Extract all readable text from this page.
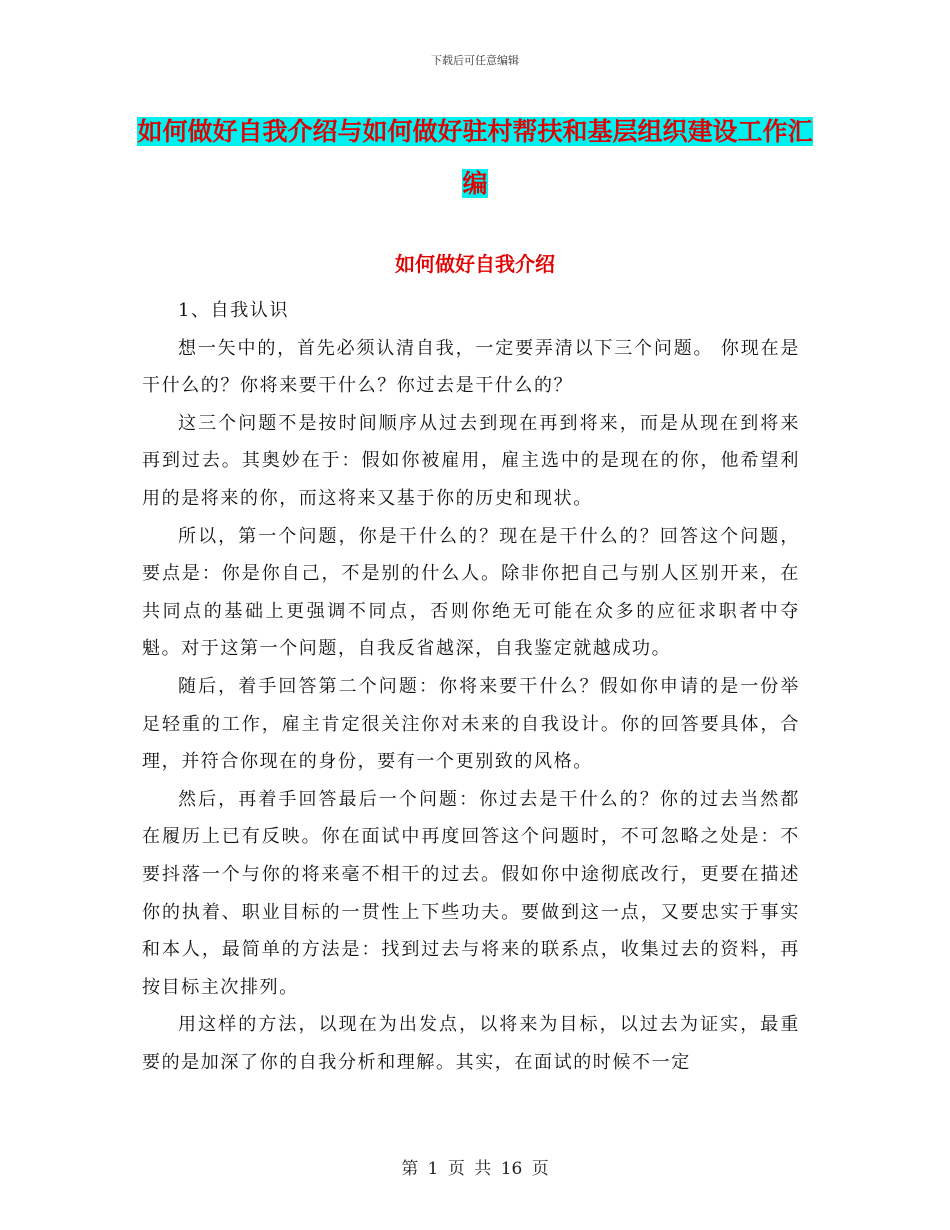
下载后可任意编辑
如何做好自我介绍与如何做好驻村帮扶和基层组织建设工作汇编
如何做好自我介绍

1、自我认识

想一矢中的，首先必须认清自我，一定要弄清以下三个问题。 你现在是干什么的？你将来要干什么？你过去是干什么的？

这三个问题不是按时间顺序从过去到现在再到将来，而是从现在到将来再到过去。其奥妙在于：假如你被雇用，雇主选中的是现在的你，他希望利用的是将来的你，而这将来又基于你的历史和现状。

所以，第一个问题，你是干什么的？现在是干什么的？回答这个问题，要点是：你是你自己，不是别的什么人。除非你把自己与别人区别开来，在共同点的基础上更强调不同点，否则你绝无可能在众多的应征求职者中夺魁。对于这第一个问题，自我反省越深，自我鉴定就越成功。

随后，着手回答第二个问题：你将来要干什么？假如你申请的是一份举足轻重的工作，雇主肯定很关注你对未来的自我设计。你的回答要具体，合理，并符合你现在的身份，要有一个更别致的风格。

然后，再着手回答最后一个问题：你过去是干什么的？你的过去当然都在履历上已有反映。你在面试中再度回答这个问题时，不可忽略之处是：不要抖落一个与你的将来毫不相干的过去。假如你中途彻底改行，更要在描述你的执着、职业目标的一贯性上下些功夫。要做到这一点，又要忠实于事实和本人，最简单的方法是：找到过去与将来的联系点，收集过去的资料，再按目标主次排列。

用这样的方法，以现在为出发点，以将来为目标，以过去为证实，最重要的是加深了你的自我分析和理解。其实，在面试的时候不一定

第 1 页 共 16 页
